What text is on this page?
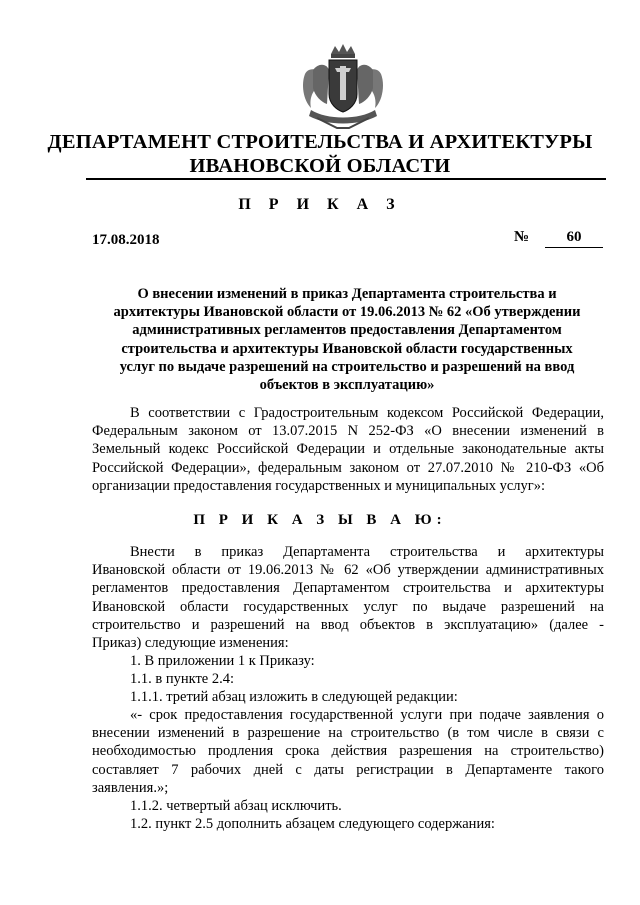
ДЕПАРТАМЕНТ СТРОИТЕЛЬСТВА И АРХИТЕКТУРЫ
ИВАНОВСКОЙ ОБЛАСТИ
П Р И К А З
17.08.2018	№	60
О внесении изменений в приказ Департамента строительства и
архитектуры Ивановской области от 19.06.2013 № 62 «Об утверждении
административных регламентов предоставления Департаментом
строительства и архитектуры Ивановской области государственных
услуг по выдаче разрешений на строительство и разрешений на ввод
объектов в эксплуатацию»
В соответствии с Градостроительным кодексом Российской Федерации,
Федеральным законом от 13.07.2015 N 252-ФЗ «О внесении изменений в
Земельный кодекс Российской Федерации и отдельные законодательные акты
Российской Федерации», федеральным законом от 27.07.2010 № 210-ФЗ «Об
организации предоставления государственных и муниципальных услуг»:
П Р И К А З Ы В А Ю:
Внести в приказ Департамента строительства и архитектуры
Ивановской области от 19.06.2013 № 62 «Об утверждении административных
регламентов предоставления Департаментом строительства и архитектуры
Ивановской области государственных услуг по выдаче разрешений на
строительство и разрешений на ввод объектов в эксплуатацию» (далее -
Приказ) следующие изменения:
1. В приложении 1 к Приказу:
1.1. в пункте 2.4:
1.1.1. третий абзац изложить в следующей редакции:
«- срок предоставления государственной услуги при подаче заявления о
внесении изменений в разрешение на строительство (в том числе в связи с
необходимостью продления срока действия разрешения на строительство)
составляет 7 рабочих дней с даты регистрации в Департаменте такого
заявления.»;
1.1.2. четвертый абзац исключить.
1.2. пункт 2.5 дополнить абзацем следующего содержания:
